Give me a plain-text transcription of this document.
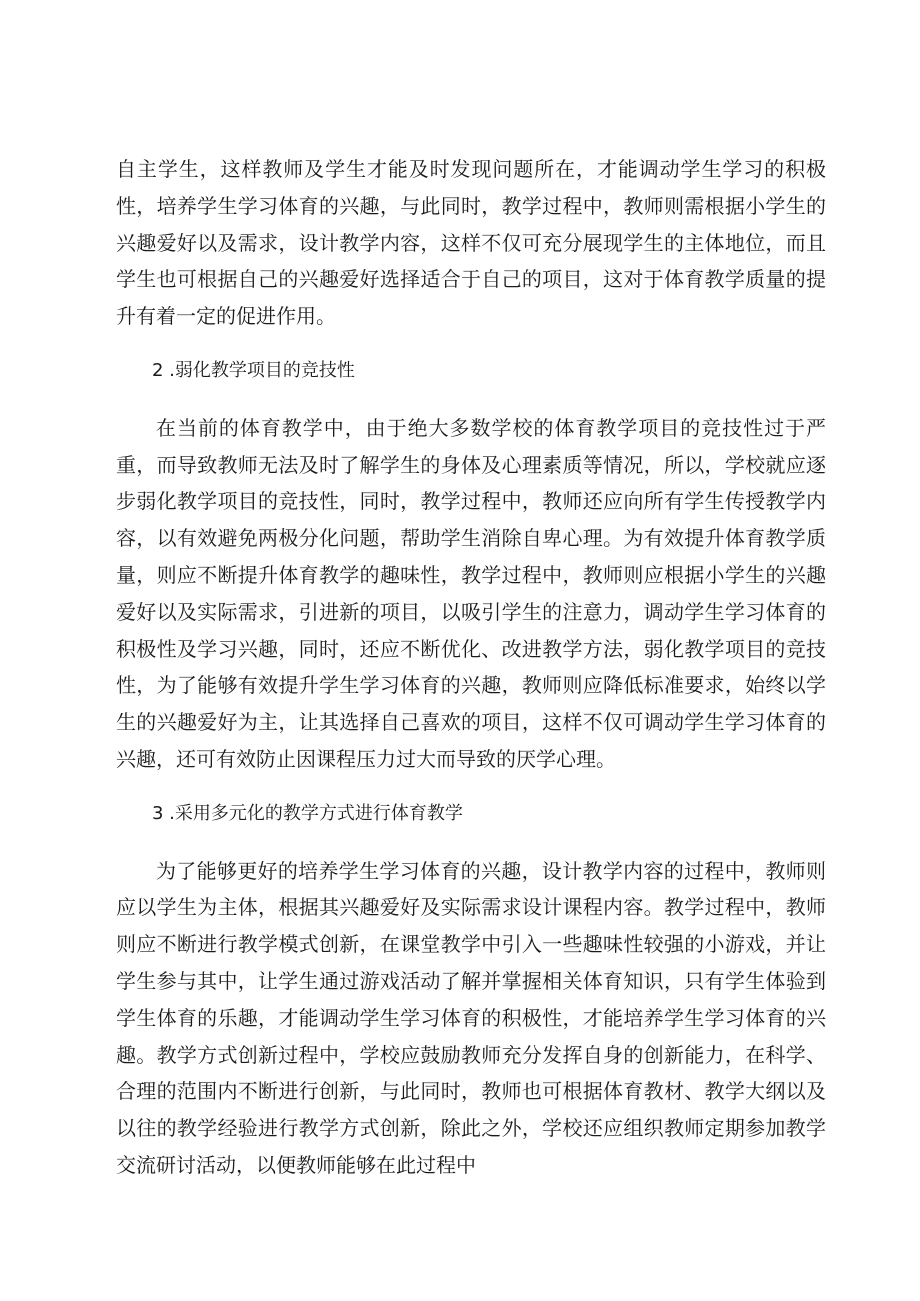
自主学生，这样教师及学生才能及时发现问题所在，才能调动学生学习的积极性，培养学生学习体育的兴趣，与此同时，教学过程中，教师则需根据小学生的兴趣爱好以及需求，设计教学内容，这样不仅可充分展现学生的主体地位，而且学生也可根据自己的兴趣爱好选择适合于自己的项目，这对于体育教学质量的提升有着一定的促进作用。

2 .弱化教学项目的竞技性

在当前的体育教学中，由于绝大多数学校的体育教学项目的竞技性过于严重，而导致教师无法及时了解学生的身体及心理素质等情况，所以，学校就应逐步弱化教学项目的竞技性，同时，教学过程中，教师还应向所有学生传授教学内容，以有效避免两极分化问题，帮助学生消除自卑心理。为有效提升体育教学质量，则应不断提升体育教学的趣味性，教学过程中，教师则应根据小学生的兴趣爱好以及实际需求，引进新的项目，以吸引学生的注意力，调动学生学习体育的积极性及学习兴趣，同时，还应不断优化、改进教学方法，弱化教学项目的竞技性，为了能够有效提升学生学习体育的兴趣，教师则应降低标准要求，始终以学生的兴趣爱好为主，让其选择自己喜欢的项目，这样不仅可调动学生学习体育的兴趣，还可有效防止因课程压力过大而导致的厌学心理。

3 .采用多元化的教学方式进行体育教学

为了能够更好的培养学生学习体育的兴趣，设计教学内容的过程中，教师则应以学生为主体，根据其兴趣爱好及实际需求设计课程内容。教学过程中，教师则应不断进行教学模式创新，在课堂教学中引入一些趣味性较强的小游戏，并让学生参与其中，让学生通过游戏活动了解并掌握相关体育知识，只有学生体验到学生体育的乐趣，才能调动学生学习体育的积极性，才能培养学生学习体育的兴趣。教学方式创新过程中，学校应鼓励教师充分发挥自身的创新能力，在科学、合理的范围内不断进行创新，与此同时，教师也可根据体育教材、教学大纲以及以往的教学经验进行教学方式创新，除此之外，学校还应组织教师定期参加教学交流研讨活动，以便教师能够在此过程中
